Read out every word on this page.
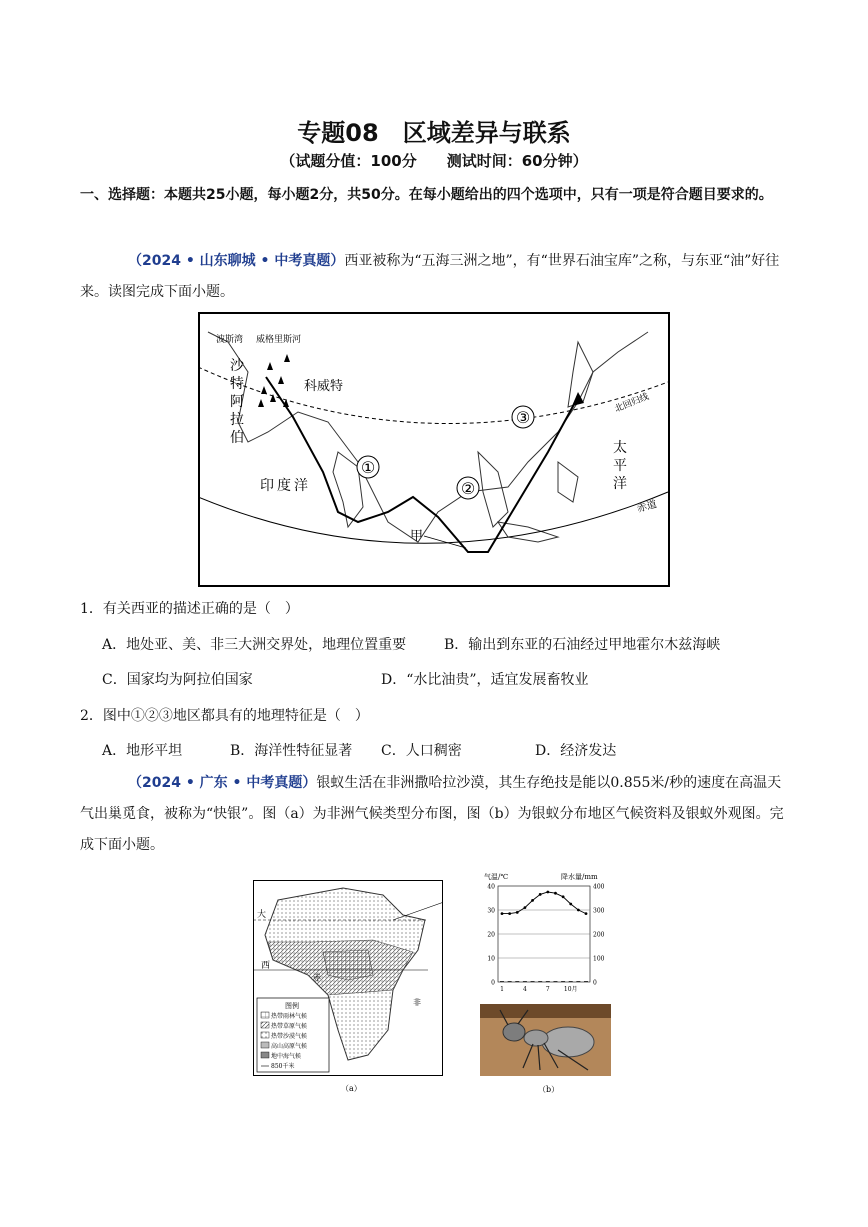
专题08　区域差异与联系
（试题分值：100分　　测试时间：60分钟）
一、选择题：本题共25小题，每小题2分，共50分。在每小题给出的四个选项中，只有一项是符合题目要求的。
（2024 • 山东聊城 • 中考真题）西亚被称为“五海三洲之地”，有“世界石油宝库”之称，与东亚“油”好往来。读图完成下面小题。
①
②
③
波斯湾 威格里斯河
沙
特
阿
拉
伯
科威特
印度洋
太
平
洋
甲
北回归线
赤道
1．有关西亚的描述正确的是（　）
A．地处亚、美、非三大洲交界处，地理位置重要	B．输出到东亚的石油经过甲地霍尔木兹海峡
C．国家均为阿拉伯国家	D．“水比油贵”，适宜发展畜牧业
2．图中①②③地区都具有的地理特征是（　）
A．地形平坦	B．海洋性特征显著 C．人口稠密	D．经济发达
（2024 • 广东 • 中考真题）银蚁生活在非洲撒哈拉沙漠，其生存绝技是能以0.855米/秒的速度在高温天气出巢觅食，被称为“快银”。图（a）为非洲气候类型分布图，图（b）为银蚁分布地区气候资料及银蚁外观图。完成下面小题。
大
西
赤
非
图例
热带雨林气候
热带草原气候
热带沙漠气候
高山高原气候
地中海气候
850千米
（a）
气温/℃	降水量/mm
40
30
20
10
0
400
300
200
100
0
1	4	7 10月
（b）
